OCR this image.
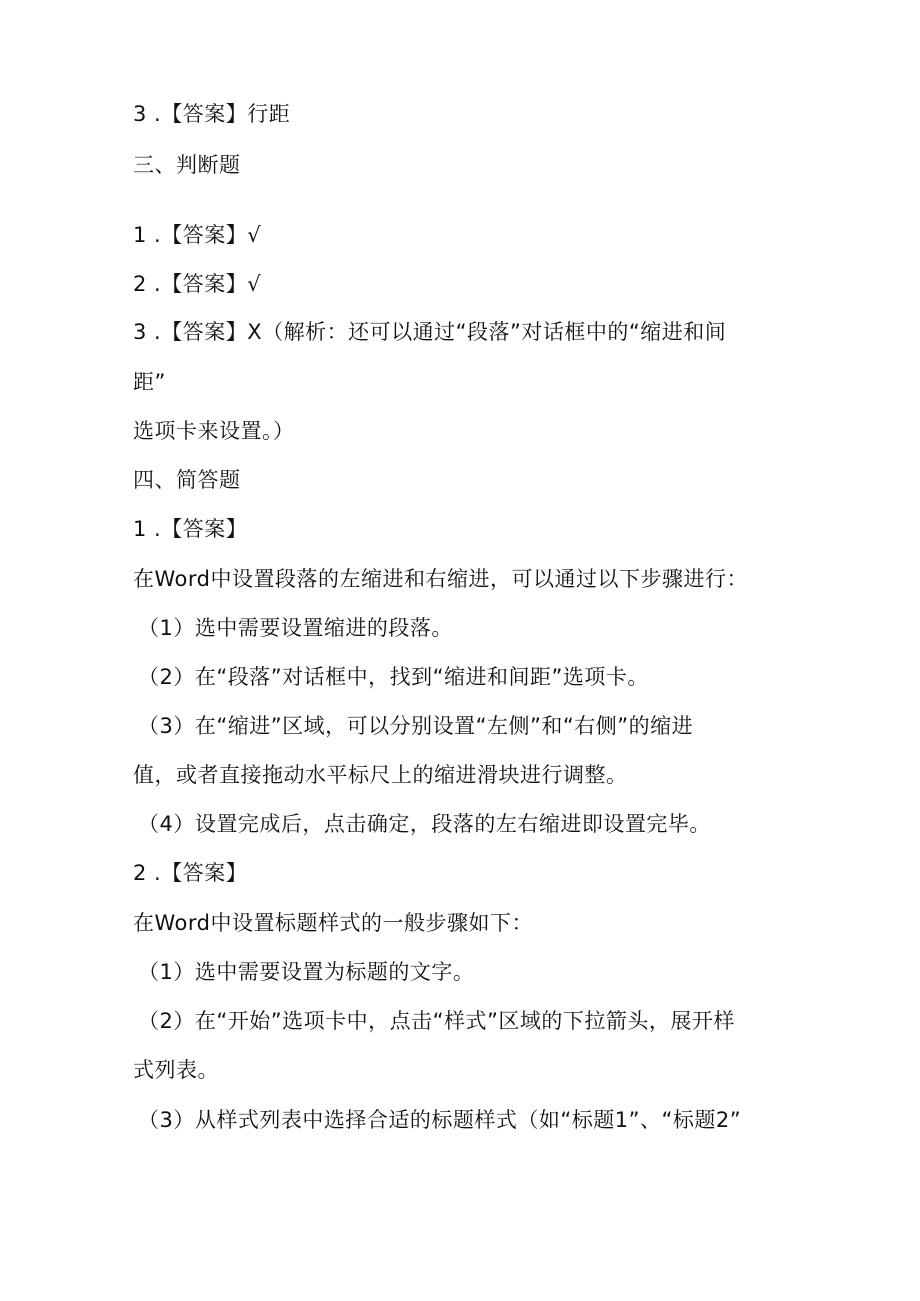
3 .【答案】行距
三、判断题
1 .【答案】√
2 .【答案】√
3 .【答案】X（解析：还可以通过“段落”对话框中的“缩进和间
距”
选项卡来设置。）
四、简答题
1 .【答案】
在Word中设置段落的左缩进和右缩进，可以通过以下步骤进行：
（1）选中需要设置缩进的段落。
（2）在“段落”对话框中，找到“缩进和间距”选项卡。
（3）在“缩进”区域，可以分别设置“左侧”和“右侧”的缩进
值，或者直接拖动水平标尺上的缩进滑块进行调整。
（4）设置完成后，点击确定，段落的左右缩进即设置完毕。
2 .【答案】
在Word中设置标题样式的一般步骤如下：
（1）选中需要设置为标题的文字。
（2）在“开始”选项卡中，点击“样式”区域的下拉箭头，展开样
式列表。
（3）从样式列表中选择合适的标题样式（如“标题1”、“标题2”
